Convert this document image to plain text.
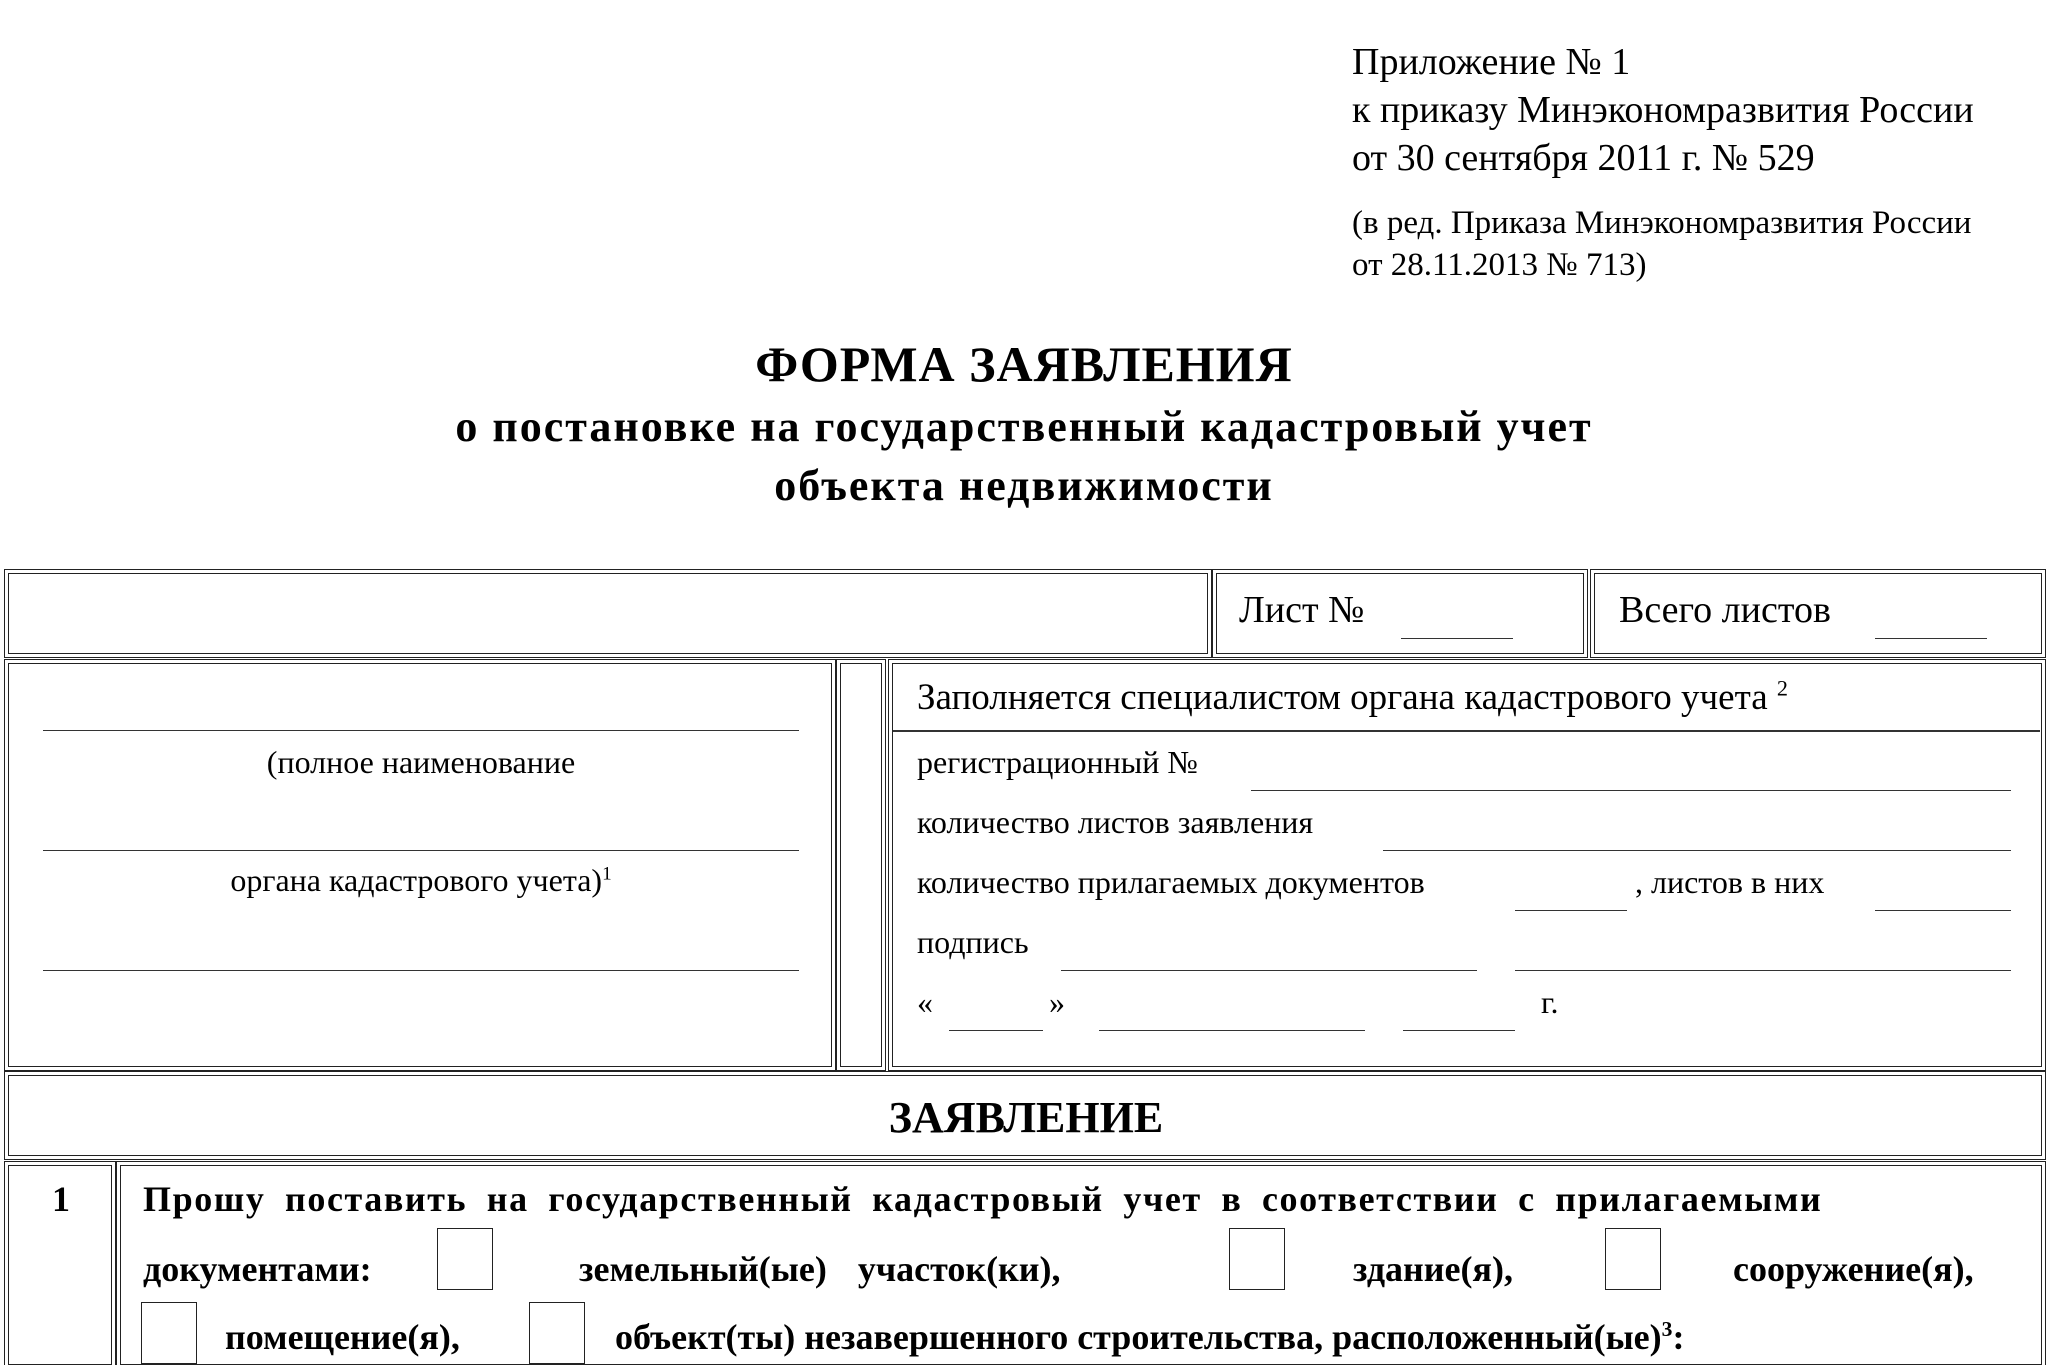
Приложение № 1
к приказу Минэкономразвития России
от 30 сентября 2011 г. № 529
(в ред. Приказа Минэкономразвития России
от 28.11.2013 № 713)
ФОРМА ЗАЯВЛЕНИЯ
о постановке на государственный кадастровый учет
объекта недвижимости
Лист №	Всего листов
(полное наименование
органа кадастрового учета)$^1$
Заполняется специалистом органа кадастрового учета $^2$
регистрационный №
количество листов заявления
количество прилагаемых документов	, листов в них
подпись
«	»	г.
ЗАЯВЛЕНИЕ
1	Прошу поставить на государственный кадастровый учет в соответствии с прилагаемыми
документами:	земельный(ые) участок(ки),	здание(я),	сооружение(я),
помещение(я),	объект(ты) незавершенного строительства, расположенный(ые)$^3$:
